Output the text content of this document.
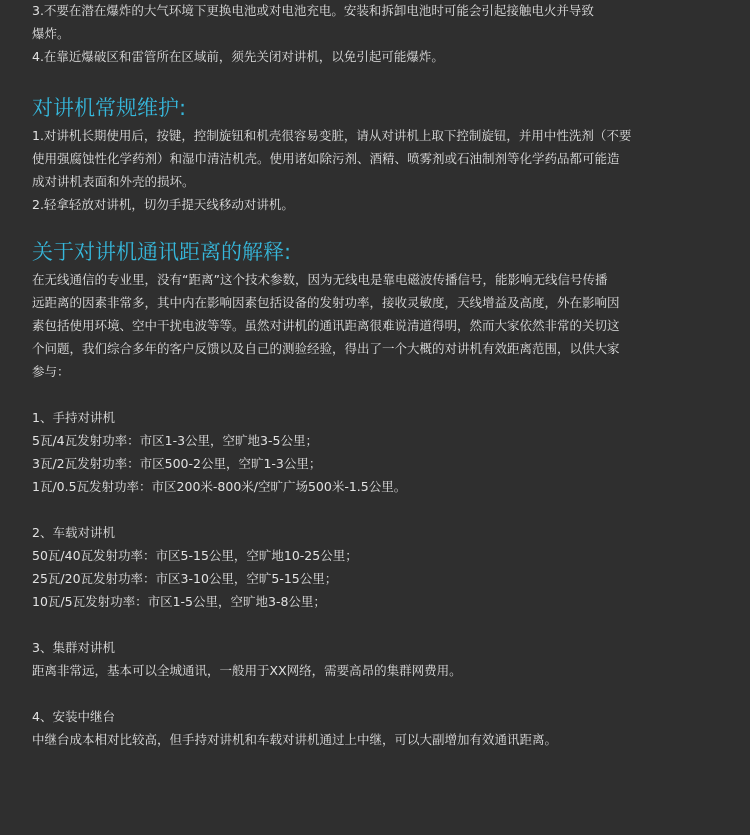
3.不要在潜在爆炸的大气环境下更换电池或对电池充电。安装和拆卸电池时可能会引起接触电火并导致

爆炸。

4.在靠近爆破区和雷管所在区域前，须先关闭对讲机，以免引起可能爆炸。

对讲机常规维护:

1.对讲机长期使用后，按键，控制旋钮和机壳很容易变脏，请从对讲机上取下控制旋钮，并用中性洗剂（不要

使用强腐蚀性化学药剂）和湿巾清洁机壳。使用诸如除污剂、酒精、喷雾剂或石油制剂等化学药品都可能造

成对讲机表面和外壳的损坏。

2.轻拿轻放对讲机，切勿手提天线移动对讲机。

关于对讲机通讯距离的解释:

在无线通信的专业里，没有“距离”这个技术参数，因为无线电是靠电磁波传播信号，能影响无线信号传播

远距离的因素非常多，其中内在影响因素包括设备的发射功率，接收灵敏度，天线增益及高度，外在影响因

素包括使用环境、空中干扰电波等等。虽然对讲机的通讯距离很难说清道得明，然而大家依然非常的关切这

个问题，我们综合多年的客户反馈以及自己的测验经验，得出了一个大概的对讲机有效距离范围，以供大家

参与：

1、手持对讲机

5瓦/4瓦发射功率：市区1-3公里，空旷地3-5公里；

3瓦/2瓦发射功率：市区500-2公里，空旷1-3公里；

1瓦/0.5瓦发射功率：市区200米-800米/空旷广场500米-1.5公里。

2、车载对讲机

50瓦/40瓦发射功率：市区5-15公里，空旷地10-25公里；

25瓦/20瓦发射功率：市区3-10公里，空旷5-15公里；

10瓦/5瓦发射功率：市区1-5公里，空旷地3-8公里；

3、集群对讲机

距离非常远，基本可以全城通讯，一般用于XX网络，需要高昂的集群网费用。

4、安装中继台

中继台成本相对比较高，但手持对讲机和车载对讲机通过上中继，可以大副增加有效通讯距离。
